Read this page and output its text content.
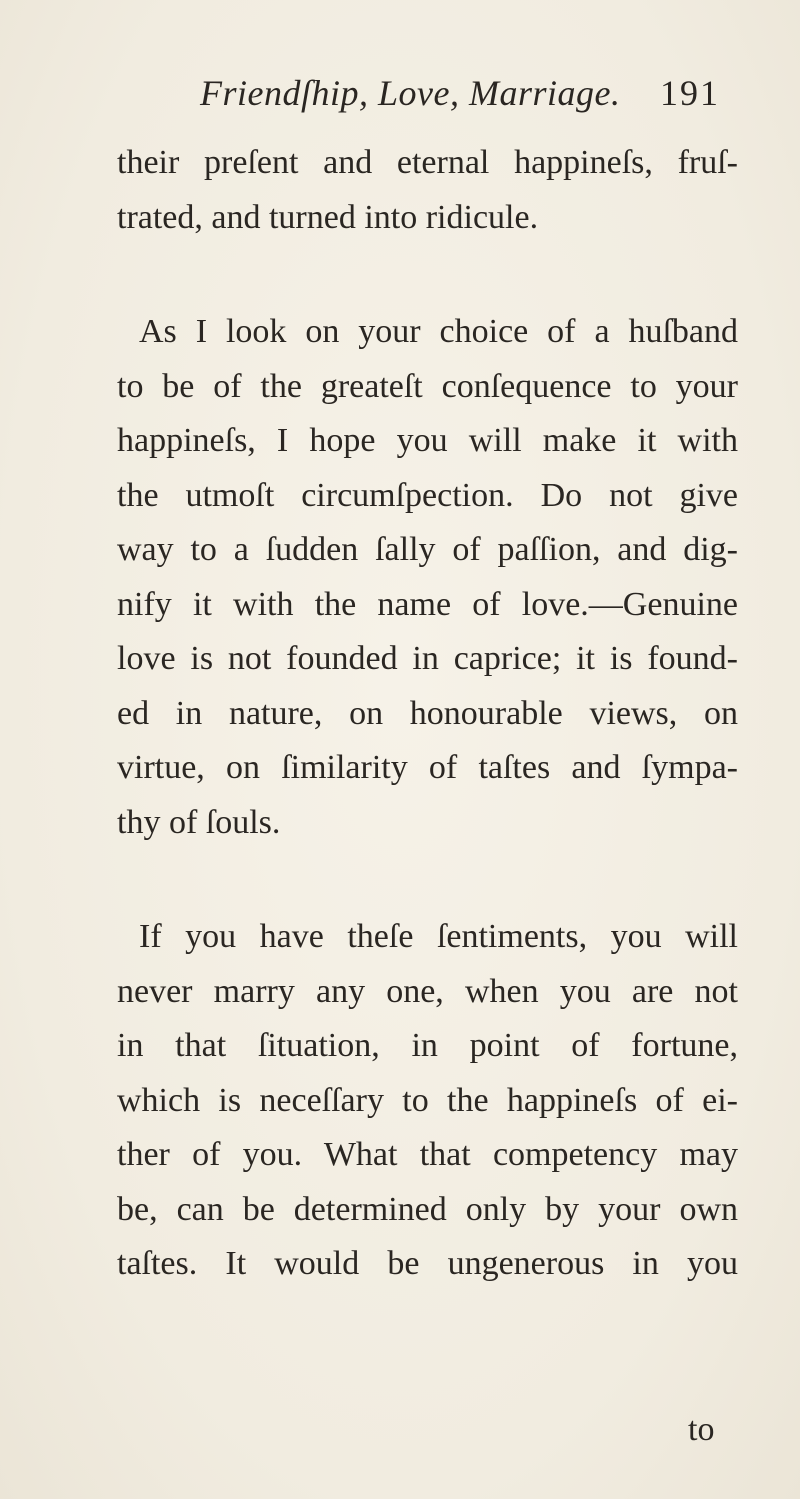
Friendſhip, Love, Marriage. 191
their preſent and eternal happineſs, fruſ-
trated, and turned into ridicule.
As I look on your choice of a huſband
to be of the greateſt conſequence to your
happineſs, I hope you will make it with
the utmoſt circumſpection. Do not give
way to a ſudden ſally of paſſion, and dig-
nify it with the name of love.—Genuine
love is not founded in caprice; it is found-
ed in nature, on honourable views, on
virtue, on ſimilarity of taſtes and ſympa-
thy of ſouls.
If you have theſe ſentiments, you will
never marry any one, when you are not
in that ſituation, in point of fortune,
which is neceſſary to the happineſs of ei-
ther of you. What that competency may
be, can be determined only by your own
taſtes. It would be ungenerous in you
to
